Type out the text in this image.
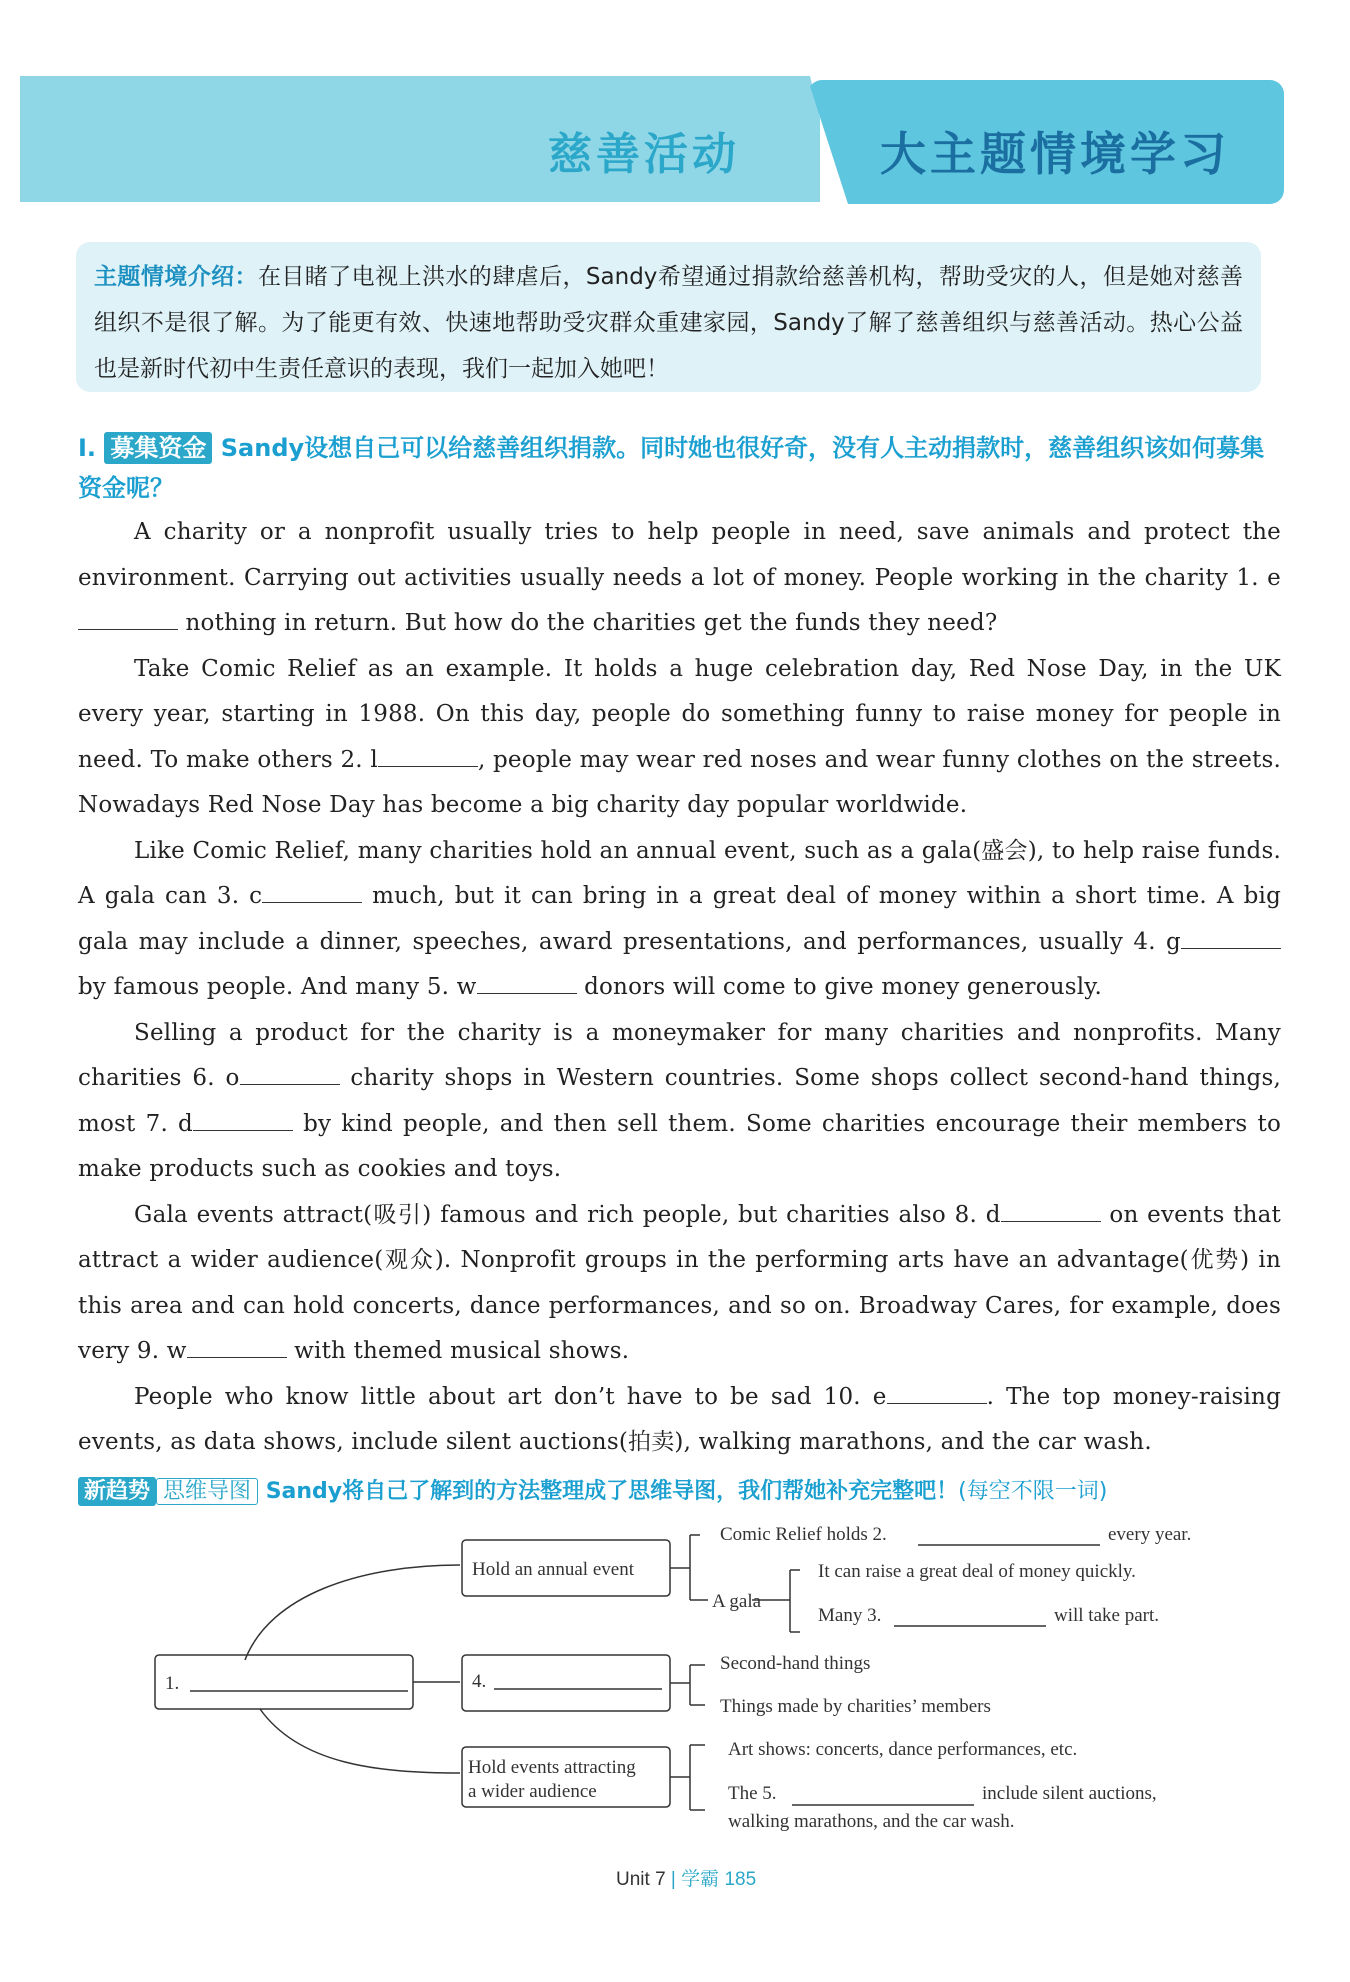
慈善活动	大主题情境学习
主题情境介绍：在目睹了电视上洪水的肆虐后，Sandy希望通过捐款给慈善机构，帮助受灾的人，但是她对慈善组织不是很了解。为了能更有效、快速地帮助受灾群众重建家园，Sandy了解了慈善组织与慈善活动。热心公益也是新时代初中生责任意识的表现，我们一起加入她吧！
Ⅰ. 募集资金 Sandy设想自己可以给慈善组织捐款。同时她也很好奇，没有人主动捐款时，慈善组织该如何募集资金呢？

A charity or a nonprofit usually tries to help people in need, save animals and protect the environment. Carrying out activities usually needs a lot of money. People working in the charity 1. e nothing in return. But how do the charities get the funds they need?

Take Comic Relief as an example. It holds a huge celebration day, Red Nose Day, in the UK every year, starting in 1988. On this day, people do something funny to raise money for people in need. To make others 2. l	, people may wear red noses and wear funny clothes on the streets. Nowadays Red Nose Day has become a big charity day popular worldwide.

Like Comic Relief, many charities hold an annual event, such as a gala(盛会), to help raise funds. A gala can 3. c	much, but it can bring in a great deal of money within a short time. A big gala may include a dinner, speeches, award presentations, and performances, usually 4. g by famous people. And many 5. w	donors will come to give money generously.

Selling a product for the charity is a moneymaker for many charities and nonprofits. Many charities 6. o	charity shops in Western countries. Some shops collect second-hand things, most 7. d	by kind people, and then sell them. Some charities encourage their members to make products such as cookies and toys.

Gala events attract(吸引) famous and rich people, but charities also 8. d	on events that attract a wider audience(观众). Nonprofit groups in the performing arts have an advantage(优势) in this area and can hold concerts, dance performances, and so on. Broadway Cares, for example, does very 9. w	with themed musical shows.

People who know little about art don’t have to be sad 10. e	. The top money-raising events, as data shows, include silent auctions(拍卖), walking marathons, and the car wash.

新趋势 思维导图 Sandy将自己了解到的方法整理成了思维导图，我们帮她补充完整吧！(每空不限一词)
1.
Hold an annual event
Comic Relief holds 2.	every year.
A gala
It can raise a great deal of money quickly.
Many 3.	will take part.
4.
Second-hand things
Things made by charities’ members
Hold events attracting
a wider audience
Art shows: concerts, dance performances, etc.
The 5.	include silent auctions,
walking marathons, and the car wash.
Unit 7 | 学霸 185
